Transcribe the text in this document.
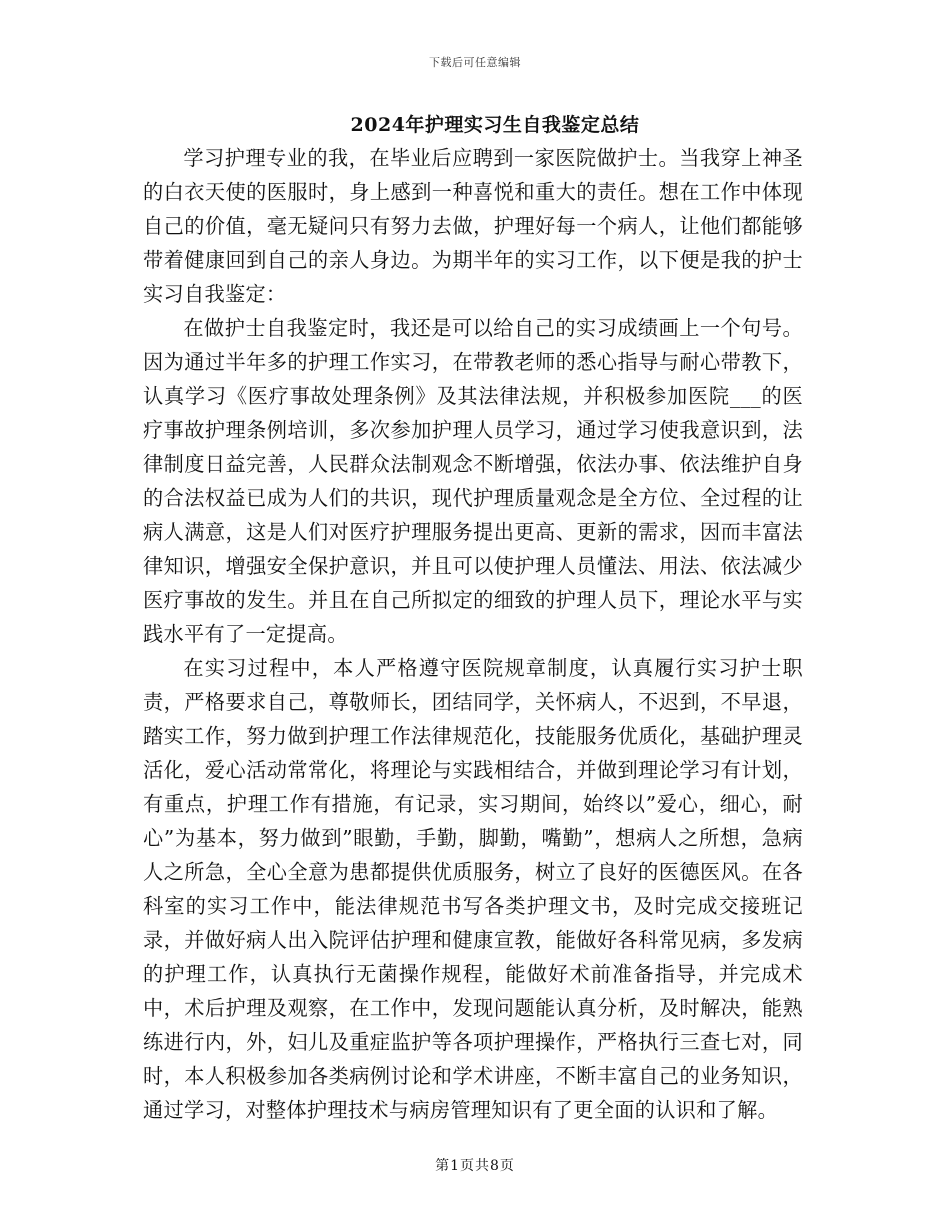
下载后可任意编辑
2024年护理实习生自我鉴定总结

学习护理专业的我，在毕业后应聘到一家医院做护士。当我穿上神圣的白衣天使的医服时，身上感到一种喜悦和重大的责任。想在工作中体现自己的价值，毫无疑问只有努力去做，护理好每一个病人，让他们都能够带着健康回到自己的亲人身边。为期半年的实习工作，以下便是我的护士实习自我鉴定：

在做护士自我鉴定时，我还是可以给自己的实习成绩画上一个句号。因为通过半年多的护理工作实习，在带教老师的悉心指导与耐心带教下，认真学习《医疗事故处理条例》及其法律法规，并积极参加医院___的医疗事故护理条例培训，多次参加护理人员学习，通过学习使我意识到，法律制度日益完善，人民群众法制观念不断增强，依法办事、依法维护自身的合法权益已成为人们的共识，现代护理质量观念是全方位、全过程的让病人满意，这是人们对医疗护理服务提出更高、更新的需求，因而丰富法律知识，增强安全保护意识，并且可以使护理人员懂法、用法、依法减少医疗事故的发生。并且在自己所拟定的细致的护理人员下，理论水平与实践水平有了一定提高。

在实习过程中，本人严格遵守医院规章制度，认真履行实习护士职责，严格要求自己，尊敬师长，团结同学，关怀病人，不迟到，不早退，踏实工作，努力做到护理工作法律规范化，技能服务优质化，基础护理灵活化，爱心活动常常化，将理论与实践相结合，并做到理论学习有计划，有重点，护理工作有措施，有记录，实习期间，始终以”爱心，细心，耐心”为基本，努力做到”眼勤，手勤，脚勤，嘴勤”，想病人之所想，急病人之所急，全心全意为患都提供优质服务，树立了良好的医德医风。在各科室的实习工作中，能法律规范书写各类护理文书，及时完成交接班记录，并做好病人出入院评估护理和健康宣教，能做好各科常见病，多发病的护理工作，认真执行无菌操作规程，能做好术前准备指导，并完成术中，术后护理及观察，在工作中，发现问题能认真分析，及时解决，能熟练进行内，外，妇儿及重症监护等各项护理操作，严格执行三查七对，同时，本人积极参加各类病例讨论和学术讲座，不断丰富自己的业务知识，通过学习，对整体护理技术与病房管理知识有了更全面的认识和了解。

第1页共8页
